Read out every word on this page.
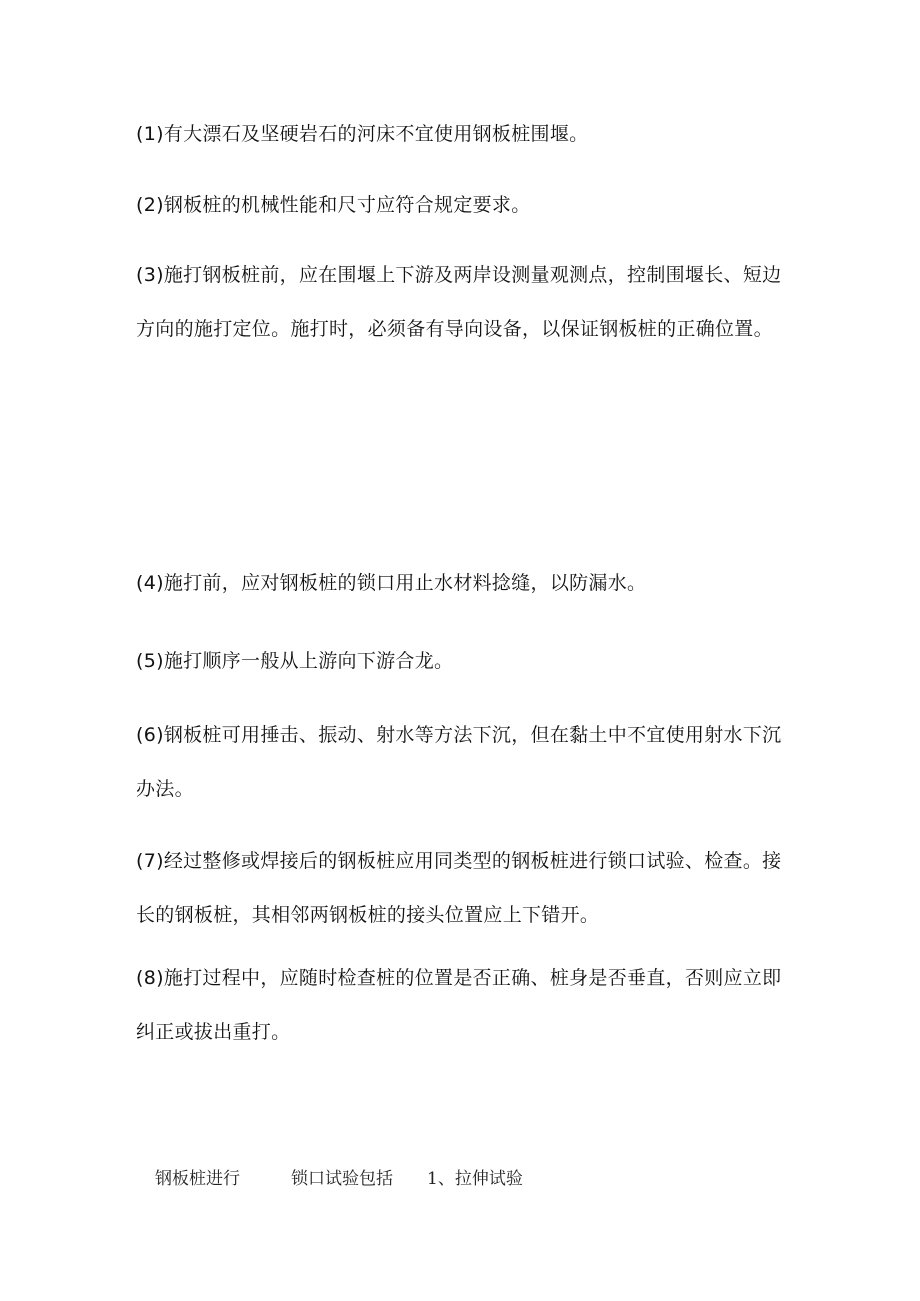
(1)有大漂石及坚硬岩石的河床不宜使用钢板桩围堰。

(2)钢板桩的机械性能和尺寸应符合规定要求。

(3)施打钢板桩前，应在围堰上下游及两岸设测量观测点，控制围堰长、短边方向的施打定位。施打时，必须备有导向设备，以保证钢板桩的正确位置。

(4)施打前，应对钢板桩的锁口用止水材料捻缝，以防漏水。

(5)施打顺序一般从上游向下游合龙。

(6)钢板桩可用捶击、振动、射水等方法下沉，但在黏土中不宜使用射水下沉办法。

(7)经过整修或焊接后的钢板桩应用同类型的钢板桩进行锁口试验、检查。接长的钢板桩，其相邻两钢板桩的接头位置应上下错开。

(8)施打过程中，应随时检查桩的位置是否正确、桩身是否垂直，否则应立即纠正或拔出重打。

钢板桩进行	锁口试验包括 1、拉伸试验
